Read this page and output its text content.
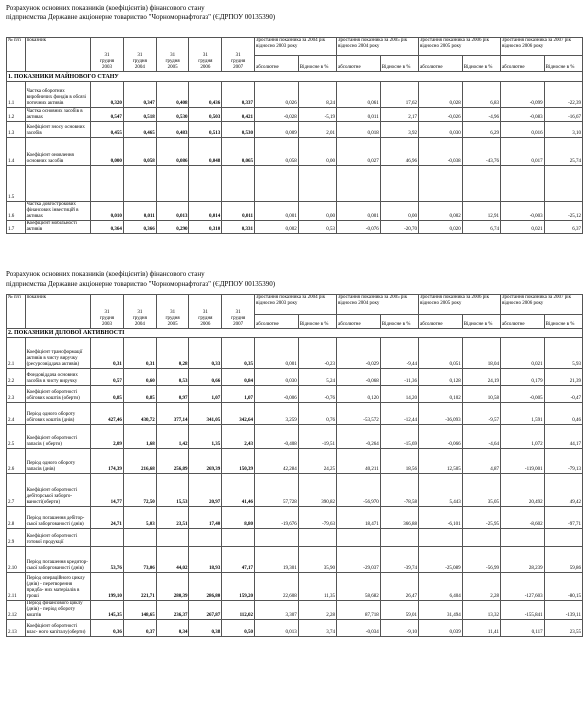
Розрахунок основних показників (коефіцієнтів) фінансового стану
підприємства Державне акціонерне товариство "Чорноморнафтогаз" (ЄДРПОУ 00135390)
№ п/п	показник	31
грудня
2003	31
грудня
2004	31
грудня
2005	31
грудня
2006	31
грудня
2007	Зростання показника за 2004 рік відносно 2003 року		Зростання показника за 2005 рік відносно 2004 року		Зростання показника за 2006 рік відносно 2005 року		Зростання показника за 2007 рік відносно 2006 року	
							абсолютне	Відносне в %	абсолютне	Відносне в %	абсолютне	Відносне в %	абсолютне	Відносне в %
1. ПОКАЗНИКИ МАЙНОВОГО СТАНУ														
1.1	Частка оборотних виробничих фондів в обсязі поточних активів	0,320	0,347	0,408	0,436	0,337	0,026	8,24	0,061	17,62	0,028	6,83	-0,099	-22,39
1.2	Частка основних засобів в активах	0,547	0,518	0,530	0,503	0,421	-0,028	-5,19	0,011	2,17	-0,026	-4,96	-0,083	-16,67
1.3	Коефіцієнт зносу основних засобів	0,455	0,465	0,483	0,513	0,530	0,009	2,01	0,018	3,92	0,030	6,29	0,016	3,10
1.4	Коефіцієнт оновлення основних засобів	0,000	0,058	0,086	0,048	0,065	0,058	0,00	0,027	46,96	-0,038	-43,76	0,017	25,74
1.5														
1.6	Частка довгострокових фінансових інвестицій в активах	0,010	0,011	0,013	0,014	0,011	0,001	0,00	0,001	0,00	0,002	12,91	-0,003	-25,12
1.7	Коефіцієнт мобільності активів	0,364	0,366	0,290	0,310	0,331	0,002	0,53	-0,076	-20,70	0,020	6,74	0,021	6,37
Розрахунок основних показників (коефіцієнтів) фінансового стану
підприємства Державне акціонерне товариство "Чорноморнафтогаз" (ЄДРПОУ 00135390)
№ п/п	показник	31
грудня
2003	31
грудня
2004	31
грудня
2005	31
грудня
2006	31
грудня
2007	Зростання показника за 2004 рік відносно 2003 року		Зростання показника за 2005 рік відносно 2004 року		Зростання показника за 2006 рік відносно 2005 року		Зростання показника за 2007 рік відносно 2006 року	
							абсолютне	Відносне в %	абсолютне	Відносне в %	абсолютне	Відносне в %	абсолютне	Відносне в %
2. ПОКАЗНИКИ ДІЛОВОЇ АКТИВНОСТІ														
2.1	Коефіцієнт трансформації активів в чисту виручку (ресурсовіддача активів)	0,31	0,31	0,28	0,33	0,35	0,001	-0,23	-0,029	-9,44	0,051	18,04	0,021	5,93
2.2	Фондовіддача основних засобів в чисту виручку	0,57	0,60	0,53	0,66	0,84	0,030	5,24	-0,068	-11,36	0,128	24,19	0,179	21,39
2.3	Коефіцієнт оборотності обігових коштів (оберти)	0,85	0,85	0,97	1,07	1,07	-0,006	-0,76	0,120	14,20	0,102	10,58	-0,005	-0,47
2.4	Період одного обороту обігових коштів (днів)	427,46	430,72	377,14	341,05	342,64	3,259	0,76	-53,572	-12,44	-36,093	-9,57	1,591	0,46
2.5	Коефіцієнт оборотності запасів ( оберти)	2,09	1,68	1,42	1,35	2,43	-0,408	-19,51	-0,264	-15,69	-0,066	-4,64	1,072	44,17
2.6	Період одного обороту запасів (днів)	174,39	216,68	256,89	269,39	150,39	42,284	24,25	40,211	18,56	12,505	4,87	-119,001	-79,13
2.7	Коефіцієнт оборотності дебіторської заборго- ваності(оберти)	14,77	72,50	15,53	20,97	41,46	57,728	390,82	-56,970	-78,58	5,443	35,05	20,492	49,42
2.8	Період погашення дебітор- ської заборгованості (днів)	24,71	5,03	23,51	17,40	8,80	-19,676	-79,63	18,471	366,88	-6,101	-25,95	-8,602	-97,71
2.9	Коефіцієнт оборотності готової продукції													
2.10	Період погашення кредитор- ської заборгованості (днів)	53,76	73,06	44,02	18,93	47,17	19,301	35,90	-29,037	-39,74	-25,089	-56,99	28,239	59,86
2.11	Період операційного циклу (днів) - перетворення придба- них матеріалів в гроші	199,10	221,71	280,39	286,80	159,20	22,608	11,35	58,682	26,47	6,404	2,28	-127,603	-80,15
2.12	Період фінансового циклу (днів) - період обороту коштів	145,35	148,65	236,37	267,87	112,02	3,307	2,28	87,718	59,01	31,494	13,32	-155,841	-139,11
2.13	Коефіцієнт оборотності влас- ного капіталу(оберти)	0,36	0,37	0,34	0,38	0,50	0,013	3,74	-0,034	-9,10	0,039	11,41	0,117	23,55
